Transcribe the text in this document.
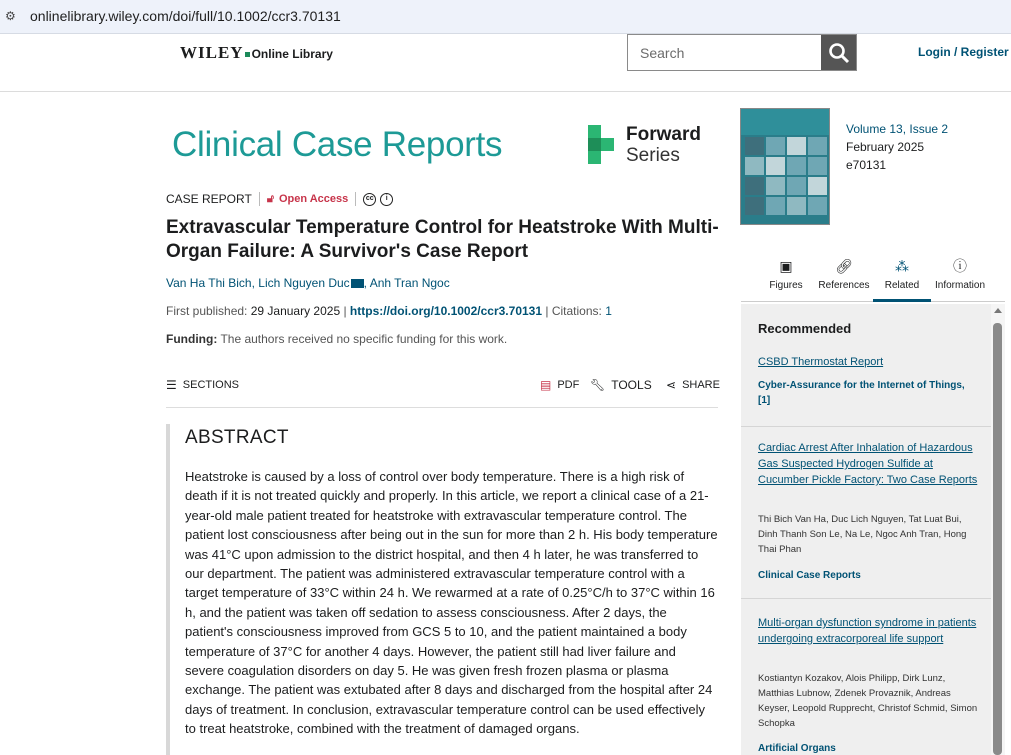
⚙ onlinelibrary.wiley.com/doi/full/10.1002/ccr3.70131
WILEY Online Library
Search	Login / Register
Clinical Case Reports	Forward
Series
CASE REPORT 🔓︎ Open Access	cc	i
Extravascular Temperature Control for Heatstroke With Multi-Organ Failure: A Survivor's Case Report
Van Ha Thi Bich, Lich Nguyen Duc , Anh Tran Ngoc
First published: 29 January 2025 | https://doi.org/10.1002/ccr3.70131 | Citations: 1
Funding: The authors received no specific funding for this work.
☰ SECTIONS	▤ PDF 🔧︎ TOOLS ⋖ SHARE
ABSTRACT

Heatstroke is caused by a loss of control over body temperature. There is a high risk of death if it is not treated quickly and properly. In this article, we report a clinical case of a 21-year-old male patient treated for heatstroke with extravascular temperature control. The patient lost consciousness after being out in the sun for more than 2 h. His body temperature was 41°C upon admission to the district hospital, and then 4 h later, he was transferred to our department. The patient was administered extravascular temperature control with a target temperature of 33°C within 24 h. We rewarmed at a rate of 0.25°C/h to 37°C within 16 h, and the patient was taken off sedation to assess consciousness. After 2 days, the patient's consciousness improved from GCS 5 to 10, and the patient maintained a body temperature of 37°C for another 4 days. However, the patient still had liver failure and severe coagulation disorders on day 5. He was given fresh frozen plasma or plasma exchange. The patient was extubated after 8 days and discharged from the hospital after 24 days of treatment. In conclusion, extravascular temperature control can be used effectively to treat heatstroke, combined with the treatment of damaged organs.

Volume 13, Issue 2
February 2025
e70131
▣
Figures
🔗︎
References
⁂
Related
ⓘ
Information
Recommended
CSBD Thermostat Report
Cyber-Assurance for the Internet of Things, [1]
Cardiac Arrest After Inhalation of Hazardous Gas Suspected Hydrogen Sulfide at Cucumber Pickle Factory: Two Case Reports
Thi Bich Van Ha, Duc Lich Nguyen, Tat Luat Bui, Dinh Thanh Son Le, Na Le, Ngoc Anh Tran, Hong Thai Phan
Clinical Case Reports
Multi-organ dysfunction syndrome in patients undergoing extracorporeal life support
Kostiantyn Kozakov, Alois Philipp, Dirk Lunz, Matthias Lubnow, Zdenek Provaznik, Andreas Keyser, Leopold Rupprecht, Christof Schmid, Simon Schopka
Artificial Organs
